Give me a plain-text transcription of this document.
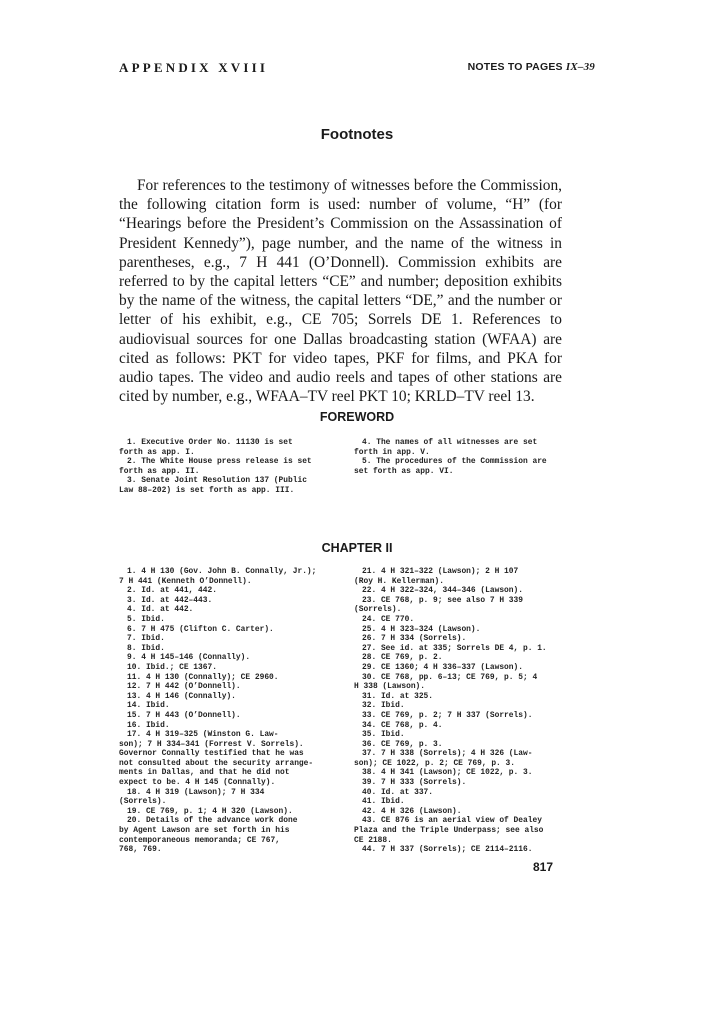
APPENDIX XVIII	NOTES TO PAGES IX–39
Footnotes

For references to the testimony of witnesses before the Commission, the following citation form is used: number of volume, “H” (for “Hearings before the President’s Commission on the Assassination of President Kennedy”), page number, and the name of the witness in parentheses, e.g., 7 H 441 (O’Donnell). Commission exhibits are referred to by the capital letters “CE” and number; deposition exhibits by the name of the witness, the capital letters “DE,” and the number or letter of his exhibit, e.g., CE 705; Sorrels DE 1. References to audiovisual sources for one Dallas broadcasting station (WFAA) are cited as follows: PKT for video tapes, PKF for films, and PKA for audio tapes. The video and audio reels and tapes of other stations are cited by number, e.g., WFAA–TV reel PKT 10; KRLD–TV reel 13.

FOREWORD
1. Executive Order No. 11130 is set
forth as app. I.
2. The White House press release is set
forth as app. II.
3. Senate Joint Resolution 137 (Public
Law 88–202) is set forth as app. III.
4. The names of all witnesses are set
forth in app. V.
5. The procedures of the Commission are
set forth as app. VI.
CHAPTER II
1. 4 H 130 (Gov. John B. Connally, Jr.);
7 H 441 (Kenneth O’Donnell).
2. Id. at 441, 442.
3. Id. at 442–443.
4. Id. at 442.
5. Ibid.
6. 7 H 475 (Clifton C. Carter).
7. Ibid.
8. Ibid.
9. 4 H 145–146 (Connally).
10. Ibid.; CE 1367.
11. 4 H 130 (Connally); CE 2960.
12. 7 H 442 (O’Donnell).
13. 4 H 146 (Connally).
14. Ibid.
15. 7 H 443 (O’Donnell).
16. Ibid.
17. 4 H 319–325 (Winston G. Law-
son); 7 H 334–341 (Forrest V. Sorrels).
Governor Connally testified that he was
not consulted about the security arrange-
ments in Dallas, and that he did not
expect to be. 4 H 145 (Connally).
18. 4 H 319 (Lawson); 7 H 334
(Sorrels).
19. CE 769, p. 1; 4 H 320 (Lawson).
20. Details of the advance work done
by Agent Lawson are set forth in his
contemporaneous memoranda; CE 767,
768, 769.
21. 4 H 321–322 (Lawson); 2 H 107
(Roy H. Kellerman).
22. 4 H 322–324, 344–346 (Lawson).
23. CE 768, p. 9; see also 7 H 339
(Sorrels).
24. CE 770.
25. 4 H 323–324 (Lawson).
26. 7 H 334 (Sorrels).
27. See id. at 335; Sorrels DE 4, p. 1.
28. CE 769, p. 2.
29. CE 1360; 4 H 336–337 (Lawson).
30. CE 768, pp. 6–13; CE 769, p. 5; 4
H 338 (Lawson).
31. Id. at 325.
32. Ibid.
33. CE 769, p. 2; 7 H 337 (Sorrels).
34. CE 768, p. 4.
35. Ibid.
36. CE 769, p. 3.
37. 7 H 338 (Sorrels); 4 H 326 (Law-
son); CE 1022, p. 2; CE 769, p. 3.
38. 4 H 341 (Lawson); CE 1022, p. 3.
39. 7 H 333 (Sorrels).
40. Id. at 337.
41. Ibid.
42. 4 H 326 (Lawson).
43. CE 876 is an aerial view of Dealey
Plaza and the Triple Underpass; see also
CE 2188.
44. 7 H 337 (Sorrels); CE 2114–2116.
817
